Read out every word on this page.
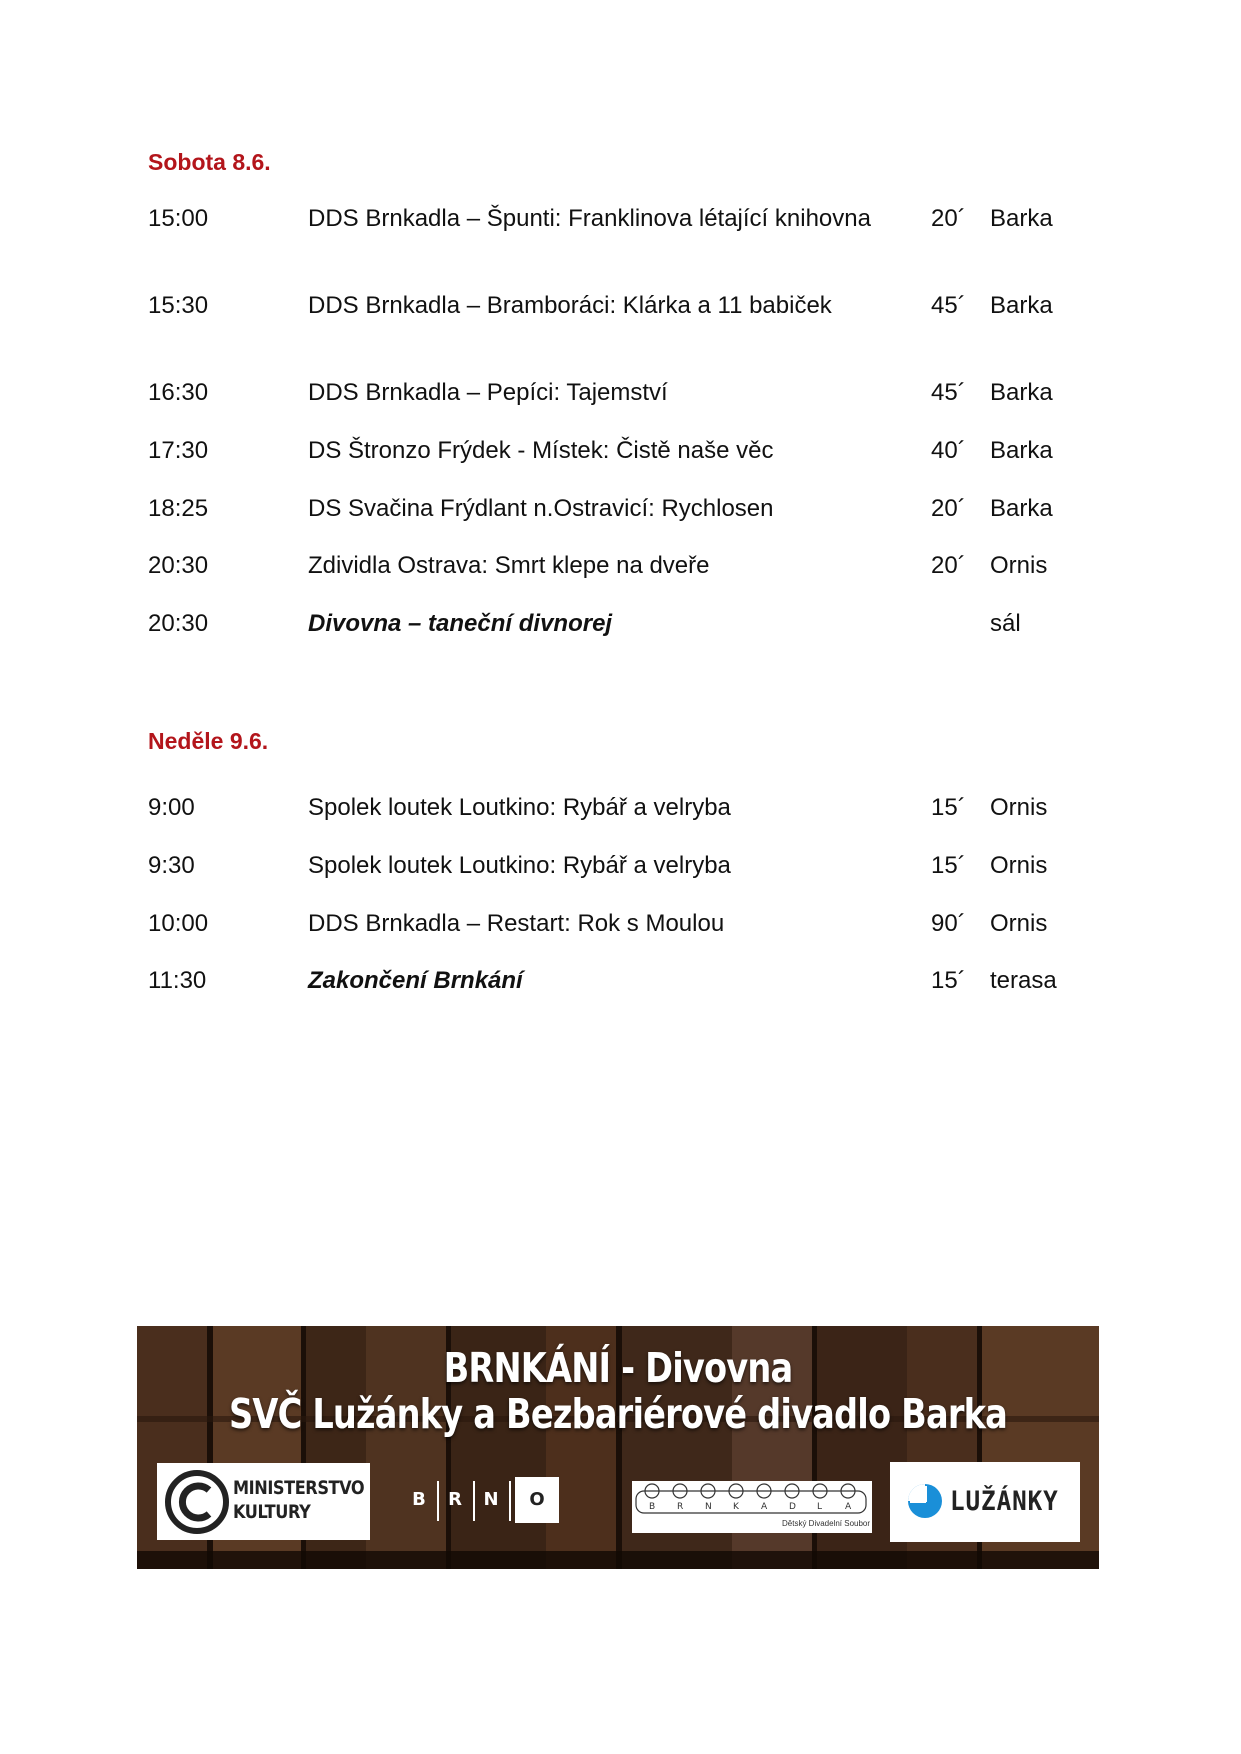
Sobota 8.6.
15:00	DDS Brnkadla – Špunti: Franklinova létající knihovna	20´ Barka
15:30	DDS Brnkadla – Bramboráci: Klárka a 11 babiček	45´ Barka
16:30	DDS Brnkadla – Pepíci: Tajemství	45´ Barka
17:30	DS Štronzo Frýdek - Místek: Čistě naše věc	40´ Barka
18:25	DS Svačina Frýdlant n.Ostravicí: Rychlosen	20´ Barka
20:30	Zdividla Ostrava: Smrt klepe na dveře	20´ Ornis
20:30	Divovna – taneční divnorej	sál
Neděle 9.6.
9:00	Spolek loutek Loutkino: Rybář a velryba	15´ Ornis
9:30	Spolek loutek Loutkino: Rybář a velryba	15´ Ornis
10:00	DDS Brnkadla – Restart: Rok s Moulou	90´ Ornis
11:30	Zakončení Brnkání	15´ terasa
BRNKÁNÍ - Divovna
SVČ Lužánky a Bezbariérové divadlo Barka
MINISTERSTVO
KULTURY
B R N	O	B R N K A D L	A
Dětský Divadelní Soubor
LUŽÁNKY
